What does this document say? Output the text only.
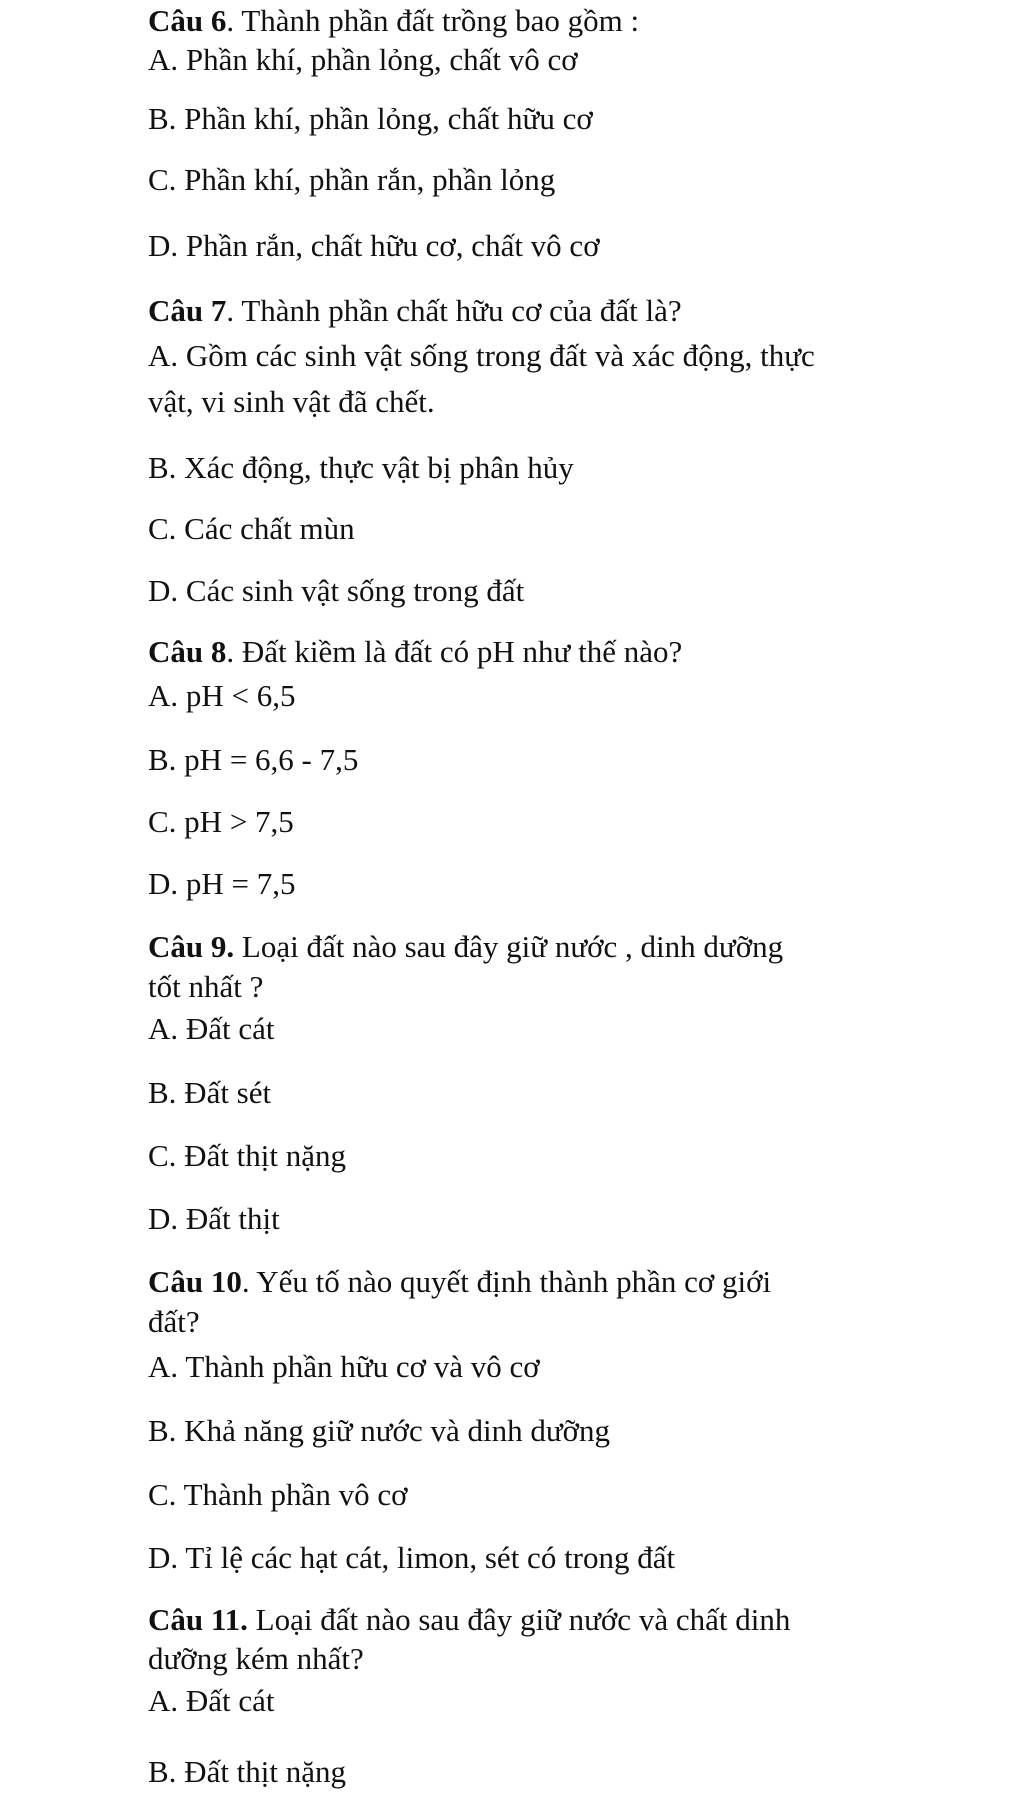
Câu 6. Thành phần đất trồng bao gồm :
A. Phần khí, phần lỏng, chất vô cơ
B. Phần khí, phần lỏng, chất hữu cơ
C. Phần khí, phần rắn, phần lỏng
D. Phần rắn, chất hữu cơ, chất vô cơ
Câu 7. Thành phần chất hữu cơ của đất là?
A. Gồm các sinh vật sống trong đất và xác động, thực
vật, vi sinh vật đã chết.
B. Xác động, thực vật bị phân hủy
C. Các chất mùn
D. Các sinh vật sống trong đất
Câu 8. Đất kiềm là đất có pH như thế nào?
A. pH < 6,5
B. pH = 6,6 - 7,5
C. pH > 7,5
D. pH = 7,5
Câu 9. Loại đất nào sau đây giữ nước , dinh dưỡng
tốt nhất ?
A. Đất cát
B. Đất sét
C. Đất thịt nặng
D. Đất thịt
Câu 10. Yếu tố nào quyết định thành phần cơ giới
đất?
A. Thành phần hữu cơ và vô cơ
B. Khả năng giữ nước và dinh dưỡng
C. Thành phần vô cơ
D. Tỉ lệ các hạt cát, limon, sét có trong đất
Câu 11. Loại đất nào sau đây giữ nước và chất dinh
dưỡng kém nhất?
A. Đất cát
B. Đất thịt nặng
